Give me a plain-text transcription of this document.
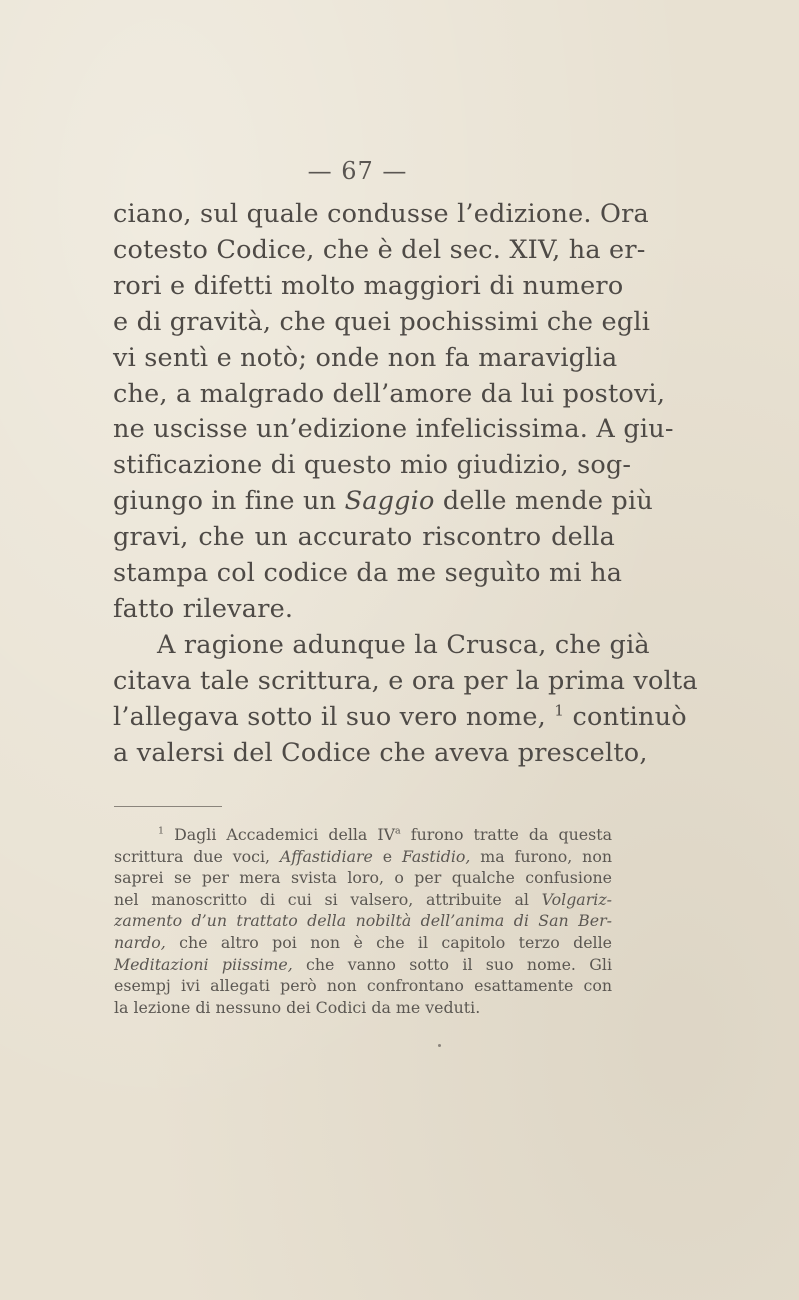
— 67 —
ciano, sul quale condusse l’edizione. Ora
cotesto Codice, che è del sec. XIV, ha er-
rori e difetti molto maggiori di numero
e di gravità, che quei pochissimi che egli
vi sentì e notò; onde non fa maraviglia
che, a malgrado dell’amore da lui postovi,
ne uscisse un’edizione infelicissima. A giu-
stificazione di questo mio giudizio, sog-
giungo in fine un Saggio delle mende più
gravi, che un accurato riscontro della
stampa col codice da me seguìto mi ha
fatto rilevare.
A ragione adunque la Crusca, che già
citava tale scrittura, e ora per la prima volta
l’allegava sotto il suo vero nome, $^1$ continuò
a valersi del Codice che aveva prescelto,
$^1$ Dagli Accademici della $IV^a$ furono tratte da questa
scrittura due voci, Affastidiare e Fastidio, ma furono, non
saprei se per mera svista loro, o per qualche confusione
nel manoscritto di cui si valsero, attribuite al Volgariz-
zamento d’un trattato della nobiltà dell’anima di San Ber-
nardo, che altro poi non è che il capitolo terzo delle
Meditazioni piissime, che vanno sotto il suo nome. Gli
esempj ivi allegati però non confrontano esattamente con
la lezione di nessuno dei Codici da me veduti.
